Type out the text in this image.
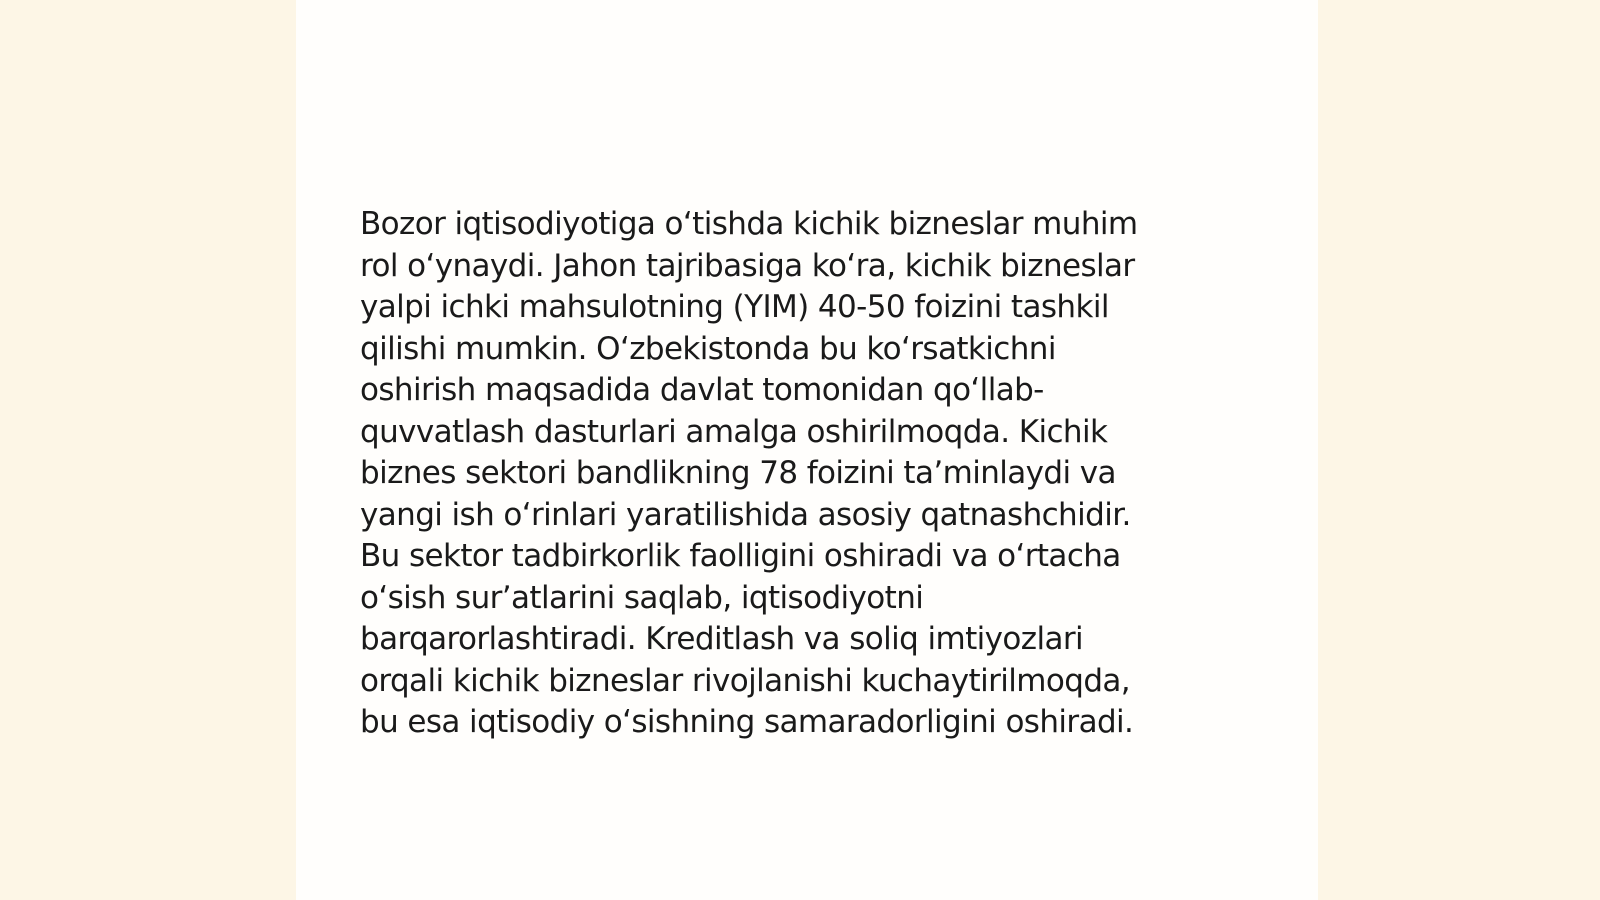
Bozor iqtisodiyotiga o‘tishda kichik bizneslar muhim
rol o‘ynaydi. Jahon tajribasiga ko‘ra, kichik bizneslar
yalpi ichki mahsulotning (YIM) 40-50 foizini tashkil
qilishi mumkin. O‘zbekistonda bu ko‘rsatkichni
oshirish maqsadida davlat tomonidan qo‘llab-
quvvatlash dasturlari amalga oshirilmoqda. Kichik
biznes sektori bandlikning 78 foizini ta’minlaydi va
yangi ish o‘rinlari yaratilishida asosiy qatnashchidir.
Bu sektor tadbirkorlik faolligini oshiradi va o‘rtacha
o‘sish sur’atlarini saqlab, iqtisodiyotni
barqarorlashtiradi. Kreditlash va soliq imtiyozlari
orqali kichik bizneslar rivojlanishi kuchaytirilmoqda,
bu esa iqtisodiy o‘sishning samaradorligini oshiradi.
